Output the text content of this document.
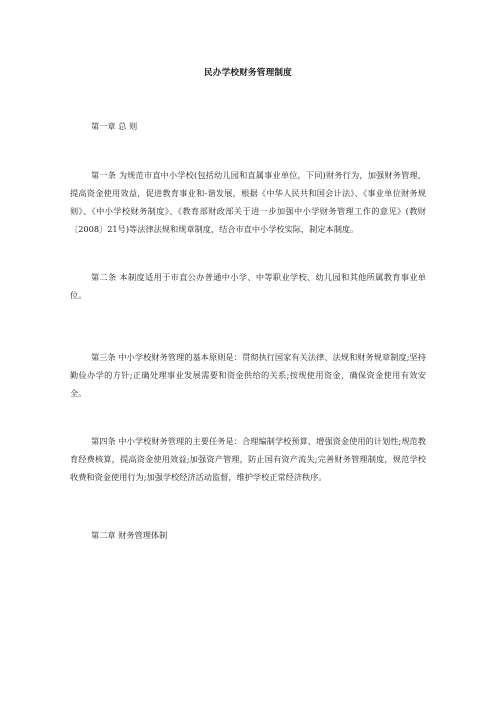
民办学校财务管理制度
第一章 总 则
第一条 为规范市直中小学校(包括幼儿园和直属事业单位，下同)财务行为，加强财务管理，提高资金使用效益，促进教育事业和-谐发展，根据《中华人民共和国会计法》、《事业单位财务规则》、《中小学校财务制度》、《教育部财政部关于进一步加强中小学财务管理工作的意见》(教财〔2008〕21号)等法律法规和规章制度，结合市直中小学校实际，制定本制度。
第二条 本制度适用于市直公办普通中小学、中等职业学校、幼儿园和其他所属教育事业单位。
第三条 中小学校财务管理的基本原则是：贯彻执行国家有关法律、法规和财务规章制度;坚持勤俭办学的方针;正确处理事业发展需要和资金供给的关系;按规使用资金，确保资金使用有效安全。
第四条 中小学校财务管理的主要任务是：合理编制学校预算，增强资金使用的计划性;规范教育经费核算，提高资金使用效益;加强资产管理，防止国有资产流失;完善财务管理制度，规范学校收费和资金使用行为;加强学校经济活动监督，维护学校正常经济秩序。
第二章 财务管理体制
